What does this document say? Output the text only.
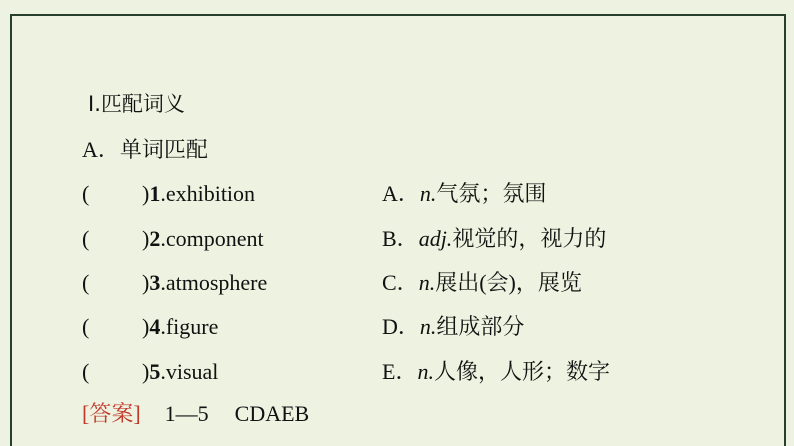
Ⅰ.匹配词义
A．单词匹配
( )1.exhibition	A．n.气氛；氛围
( )2.component	B．adj.视觉的，视力的
( )3.atmosphere	C．n.展出(会)，展览
( )4.figure	D．n.组成部分
( )5.visual	E．n.人像，人形；数字
[答案] 1—5 CDAEB
